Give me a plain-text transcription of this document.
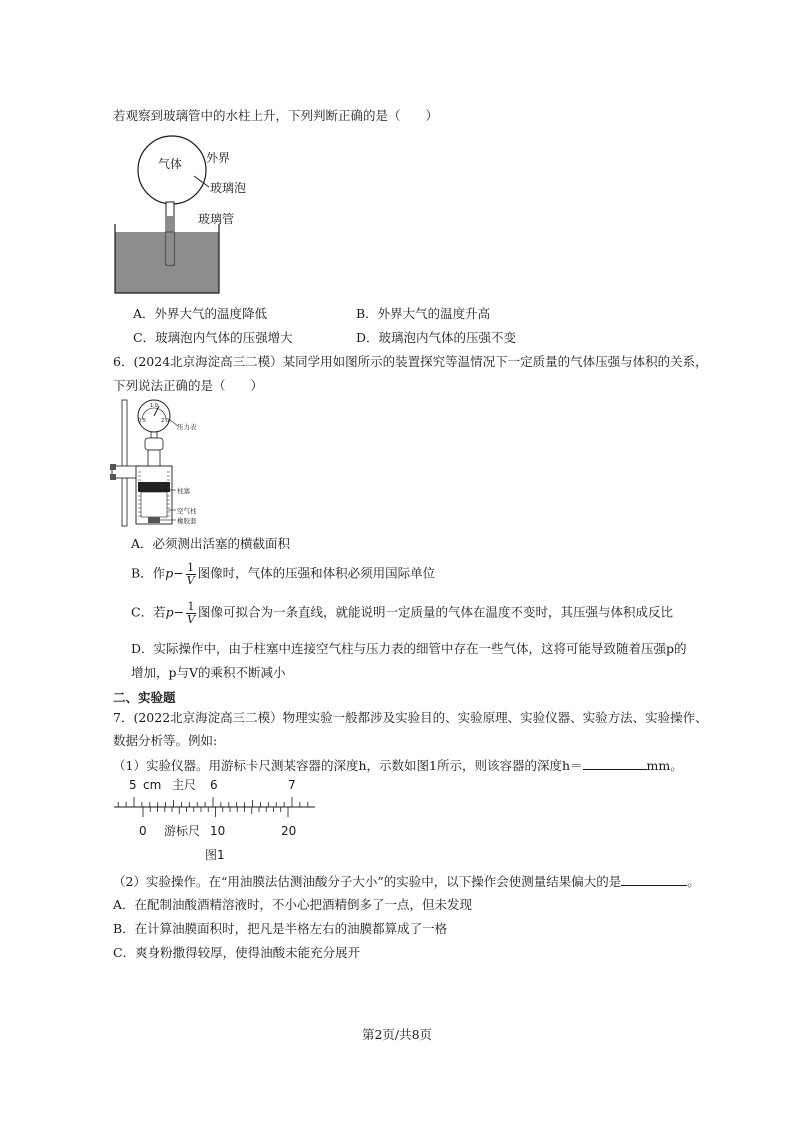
若观察到玻璃管中的水柱上升，下列判断正确的是（　　）
气体 外界
玻璃泡
玻璃管
A．外界大气的温度降低	B．外界大气的温度升高
C．玻璃泡内气体的压强增大	D．玻璃泡内气体的压强不变
6．(2024北京海淀高三二模）某同学用如图所示的装置探究等温情况下一定质量的气体压强与体积的关系，
下列说法正确的是（　　）
0.5
1.0
2.0
压力表
柱塞
空气柱
橡胶套
A．必须测出活塞的横截面积
B．作$p- \frac{1}{V}$ 图像时，气体的压强和体积必须用国际单位
C．若$p- \frac{1}{V}$ 图像可拟合为一条直线，就能说明一定质量的气体在温度不变时，其压强与体积成反比
D．实际操作中，由于柱塞中连接空气柱与压力表的细管中存在一些气体，这将可能导致随着压强p的
增加，p与V的乘积不断减小
二、实验题
7．(2022北京海淀高三二模）物理实验一般都涉及实验目的、实验原理、实验仪器、实验方法、实验操作、
数据分析等。例如:
（1）实验仪器。用游标卡尺测某容器的深度h，示数如图1所示，则该容器的深度h＝	mm。
5 cm 主尺 6	7
0 游标尺 10	20
图1
（2）实验操作。在“用油膜法估测油酸分子大小”的实验中，以下操作会使测量结果偏大的是	。
A．在配制油酸酒精溶液时，不小心把酒精倒多了一点，但未发现
B．在计算油膜面积时，把凡是半格左右的油膜都算成了一格
C．爽身粉撒得较厚，使得油酸未能充分展开
第2页/共8页
